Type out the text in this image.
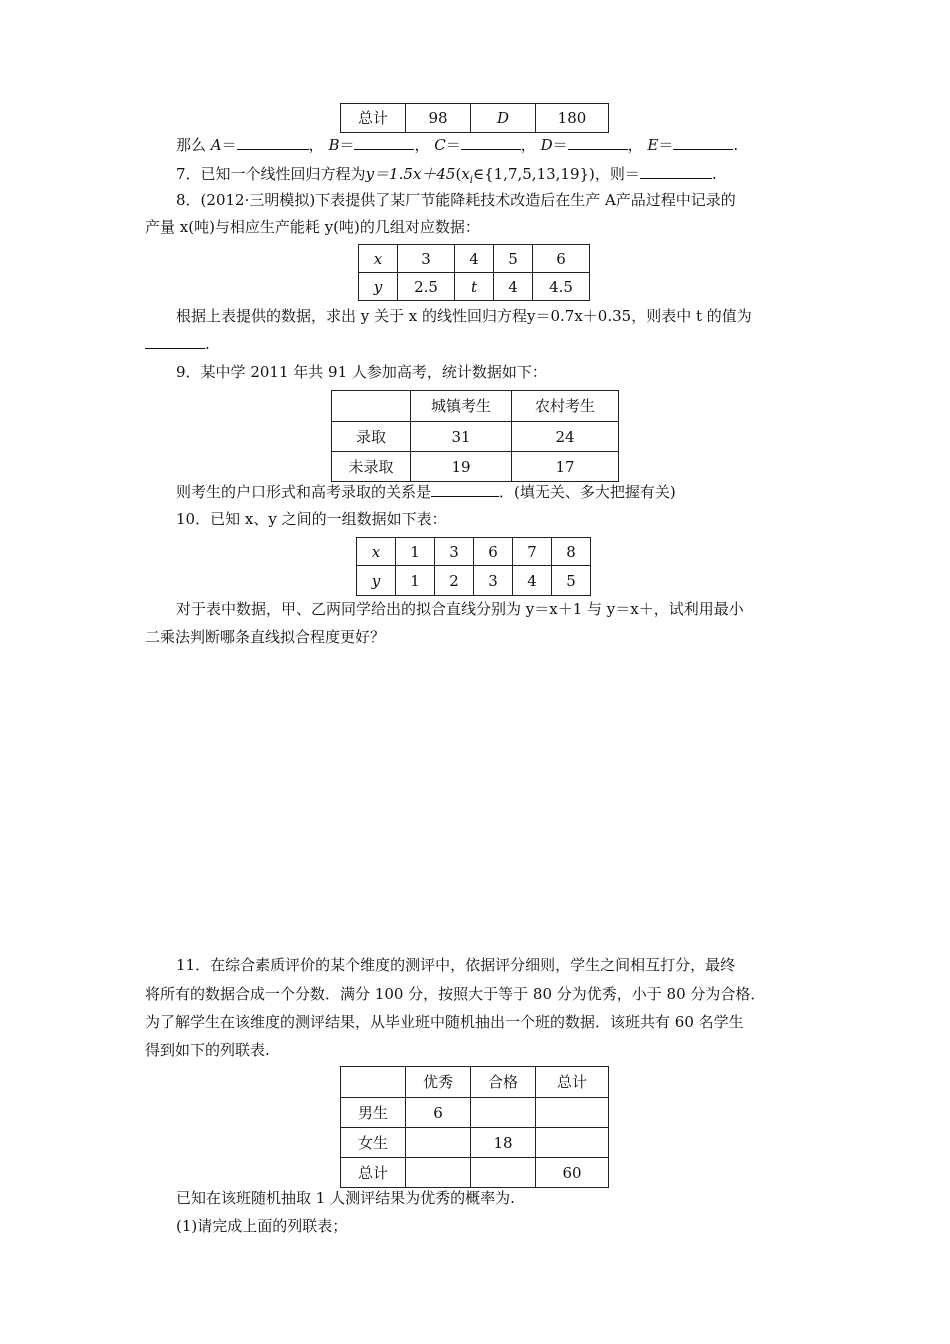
总计	98	D	180
那么 A＝	， B＝	， C＝	， D＝	， E＝	.
7．已知一个线性回归方程为$y=1.5x+45(x_i\in\{1,7,5,13,19\})$，则＝	.
8．(2012·三明模拟)下表提供了某厂节能降耗技术改造后在生产 A产品过程中记录的
产量 x(吨)与相应生产能耗 y(吨)的几组对应数据：
x	3	4	5	6
y	2.5	t	4	4.5
根据上表提供的数据，求出 y 关于 x 的线性回归方程y＝0.7x＋0.35，则表中 t 的值为
.
9．某中学 2011 年共 91 人参加高考，统计数据如下：
	城镇考生	农村考生
录取	31	24
未录取	19	17
则考生的户口形式和高考录取的关系是	．(填无关、多大把握有关)
10．已知 x、y 之间的一组数据如下表：
x	1	3	6	7	8
y	1	2	3	4	5
对于表中数据，甲、乙两同学给出的拟合直线分别为 y＝x＋1 与 y＝x＋，试利用最小
二乘法判断哪条直线拟合程度更好？
11．在综合素质评价的某个维度的测评中，依据评分细则，学生之间相互打分，最终
将所有的数据合成一个分数．满分 100 分，按照大于等于 80 分为优秀，小于 80 分为合格．
为了解学生在该维度的测评结果，从毕业班中随机抽出一个班的数据．该班共有 60 名学生
得到如下的列联表.
	优秀	合格	总计
男生	6		
女生		18	
总计			60
已知在该班随机抽取 1 人测评结果为优秀的概率为.
(1)请完成上面的列联表；
